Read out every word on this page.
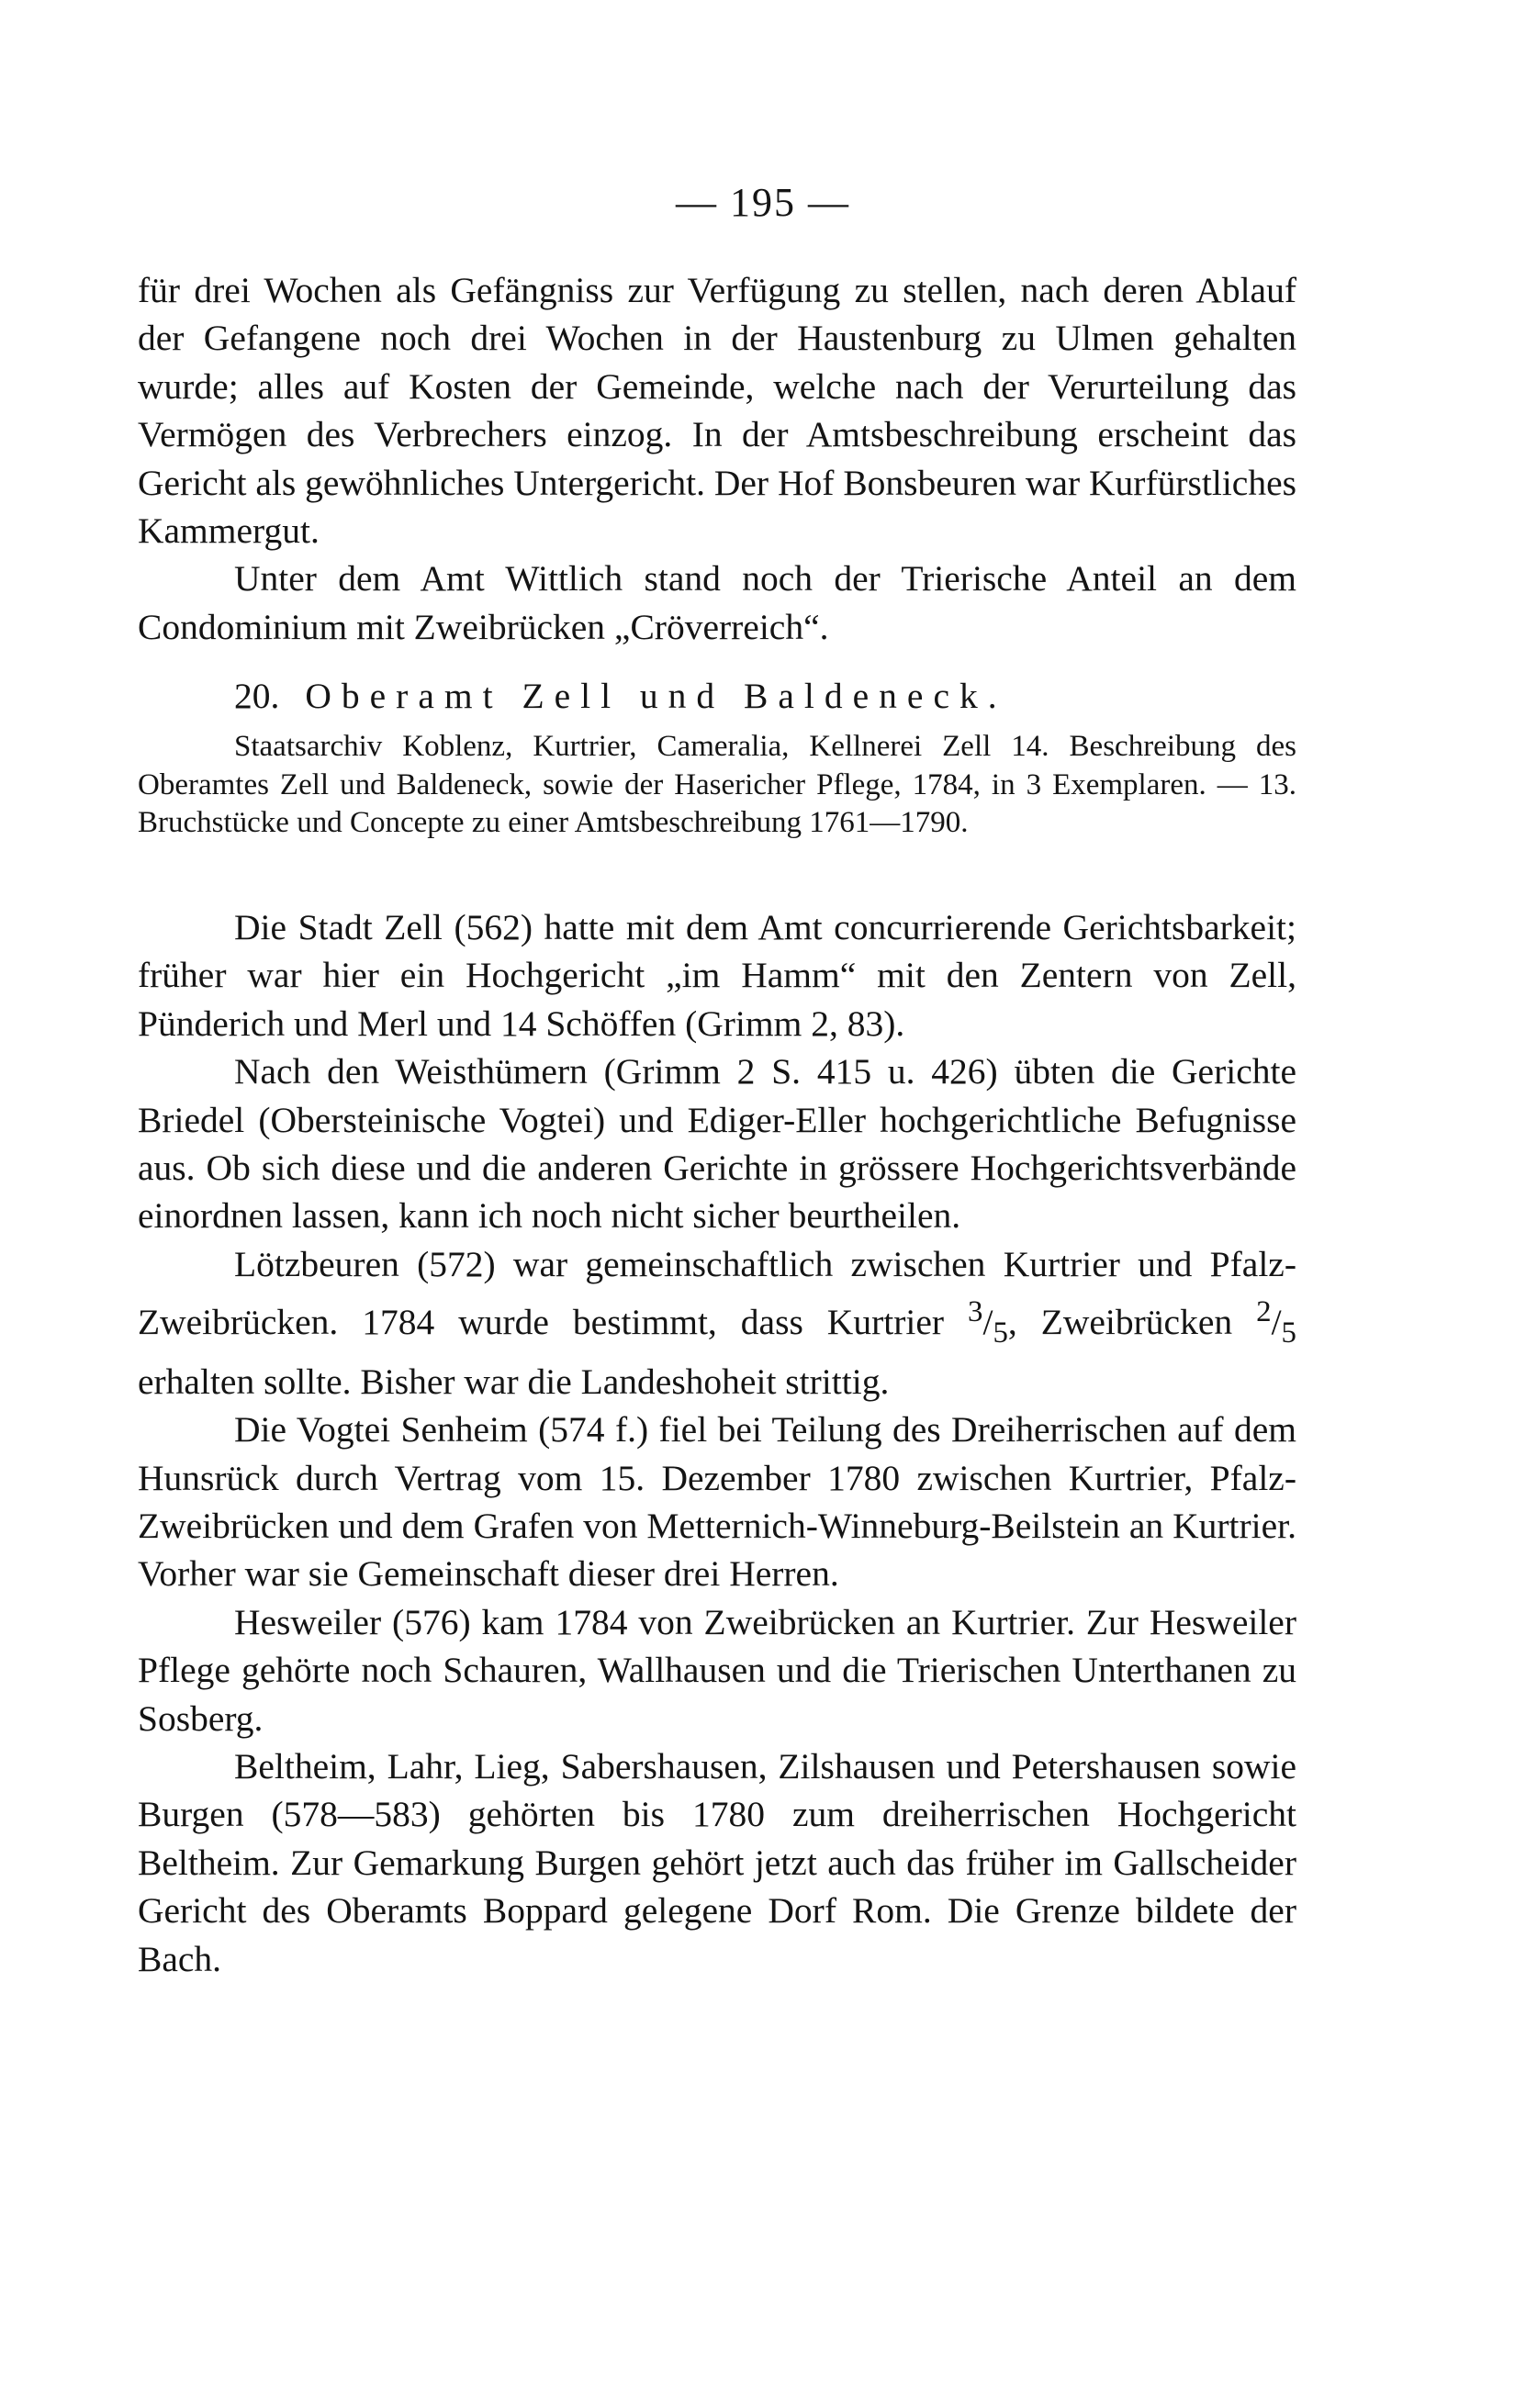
— 195 —

für drei Wochen als Gefängniss zur Verfügung zu stellen, nach deren Ablauf der Gefangene noch drei Wochen in der Haustenburg zu Ulmen gehalten wurde; alles auf Kosten der Gemeinde, welche nach der Verurteilung das Vermögen des Verbrechers einzog. In der Amtsbeschreibung erscheint das Gericht als gewöhnliches Untergericht. Der Hof Bonsbeuren war Kurfürstliches Kammergut.

Unter dem Amt Wittlich stand noch der Trierische Anteil an dem Condominium mit Zweibrücken „Cröverreich“.

20. Oberamt Zell und Baldeneck.

Staatsarchiv Koblenz, Kurtrier, Cameralia, Kellnerei Zell 14. Beschreibung des Oberamtes Zell und Baldeneck, sowie der Hasericher Pflege, 1784, in 3 Exemplaren. — 13. Bruchstücke und Concepte zu einer Amtsbeschreibung 1761—1790.

Die Stadt Zell (562) hatte mit dem Amt concurrierende Gerichtsbarkeit; früher war hier ein Hochgericht „im Hamm“ mit den Zentern von Zell, Pünderich und Merl und 14 Schöffen (Grimm 2, 83).

Nach den Weisthümern (Grimm 2 S. 415 u. 426) übten die Gerichte Briedel (Obersteinische Vogtei) und Ediger-Eller hochgerichtliche Befugnisse aus. Ob sich diese und die anderen Gerichte in grössere Hochgerichtsverbände einordnen lassen, kann ich noch nicht sicher beurtheilen.

Lötzbeuren (572) war gemeinschaftlich zwischen Kurtrier und Pfalz-Zweibrücken. 1784 wurde bestimmt, dass Kurtrier $^3/_5$, Zweibrücken $^2/_5$ erhalten sollte. Bisher war die Landeshoheit strittig.

Die Vogtei Senheim (574 f.) fiel bei Teilung des Dreiherrischen auf dem Hunsrück durch Vertrag vom 15. Dezember 1780 zwischen Kurtrier, Pfalz-Zweibrücken und dem Grafen von Metternich-Winneburg-Beilstein an Kurtrier. Vorher war sie Gemeinschaft dieser drei Herren.

Hesweiler (576) kam 1784 von Zweibrücken an Kurtrier. Zur Hesweiler Pflege gehörte noch Schauren, Wallhausen und die Trierischen Unterthanen zu Sosberg.

Beltheim, Lahr, Lieg, Sabershausen, Zilshausen und Petershausen sowie Burgen (578—583) gehörten bis 1780 zum dreiherrischen Hochgericht Beltheim. Zur Gemarkung Burgen gehört jetzt auch das früher im Gallscheider Gericht des Oberamts Boppard gelegene Dorf Rom. Die Grenze bildete der Bach.
